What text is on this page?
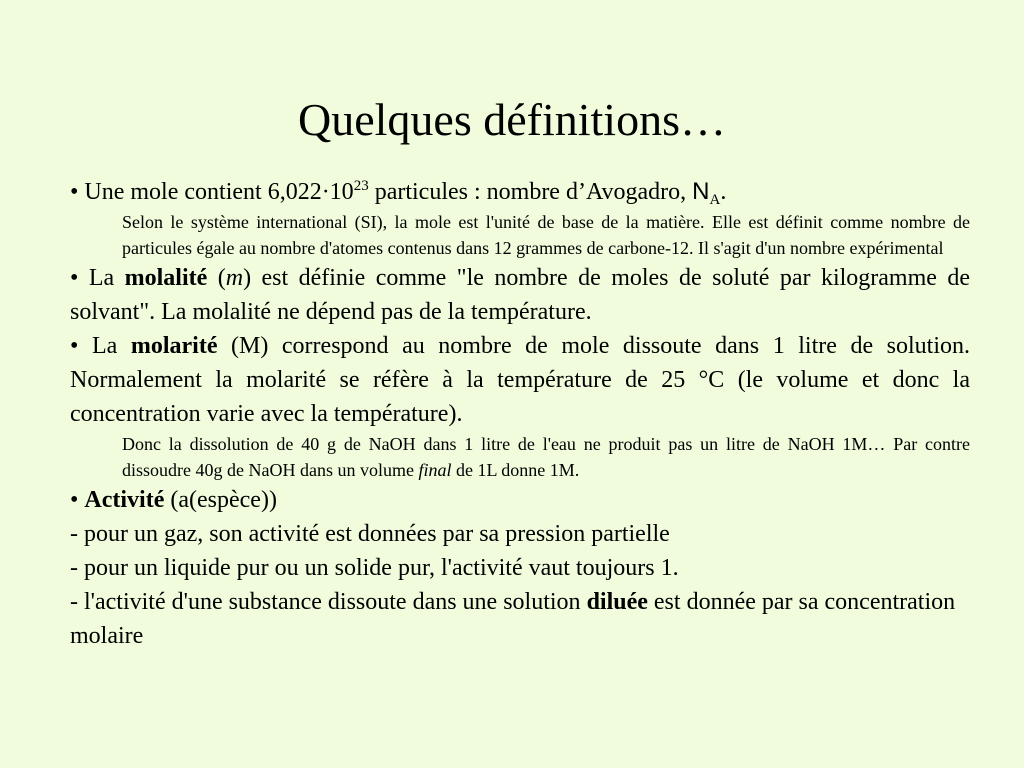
Quelques définitions…

• Une mole contient $6,022\cdot 10^{23}$ particules : nombre d’Avogadro, $N_A$.

Selon le système international (SI), la mole est l'unité de base de la matière. Elle est définit comme nombre de particules égale au nombre d'atomes contenus dans 12 grammes de carbone-12. Il s'agit d'un nombre expérimental

• La molalité (m) est définie comme "le nombre de moles de soluté par kilogramme de solvant". La molalité ne dépend pas de la température.

• La molarité (M) correspond au nombre de mole dissoute dans 1 litre de solution. Normalement la molarité se réfère à la température de 25 °C (le volume et donc la concentration varie avec la température).

Donc la dissolution de 40 g de NaOH dans 1 litre de l'eau ne produit pas un litre de NaOH 1M… Par contre dissoudre 40g de NaOH dans un volume final de 1L donne 1M.

• Activité (a(espèce))

- pour un gaz, son activité est données par sa pression partielle

- pour un liquide pur ou un solide pur, l'activité vaut toujours 1.

- l'activité d'une substance dissoute dans une solution diluée est donnée par sa concentration molaire
